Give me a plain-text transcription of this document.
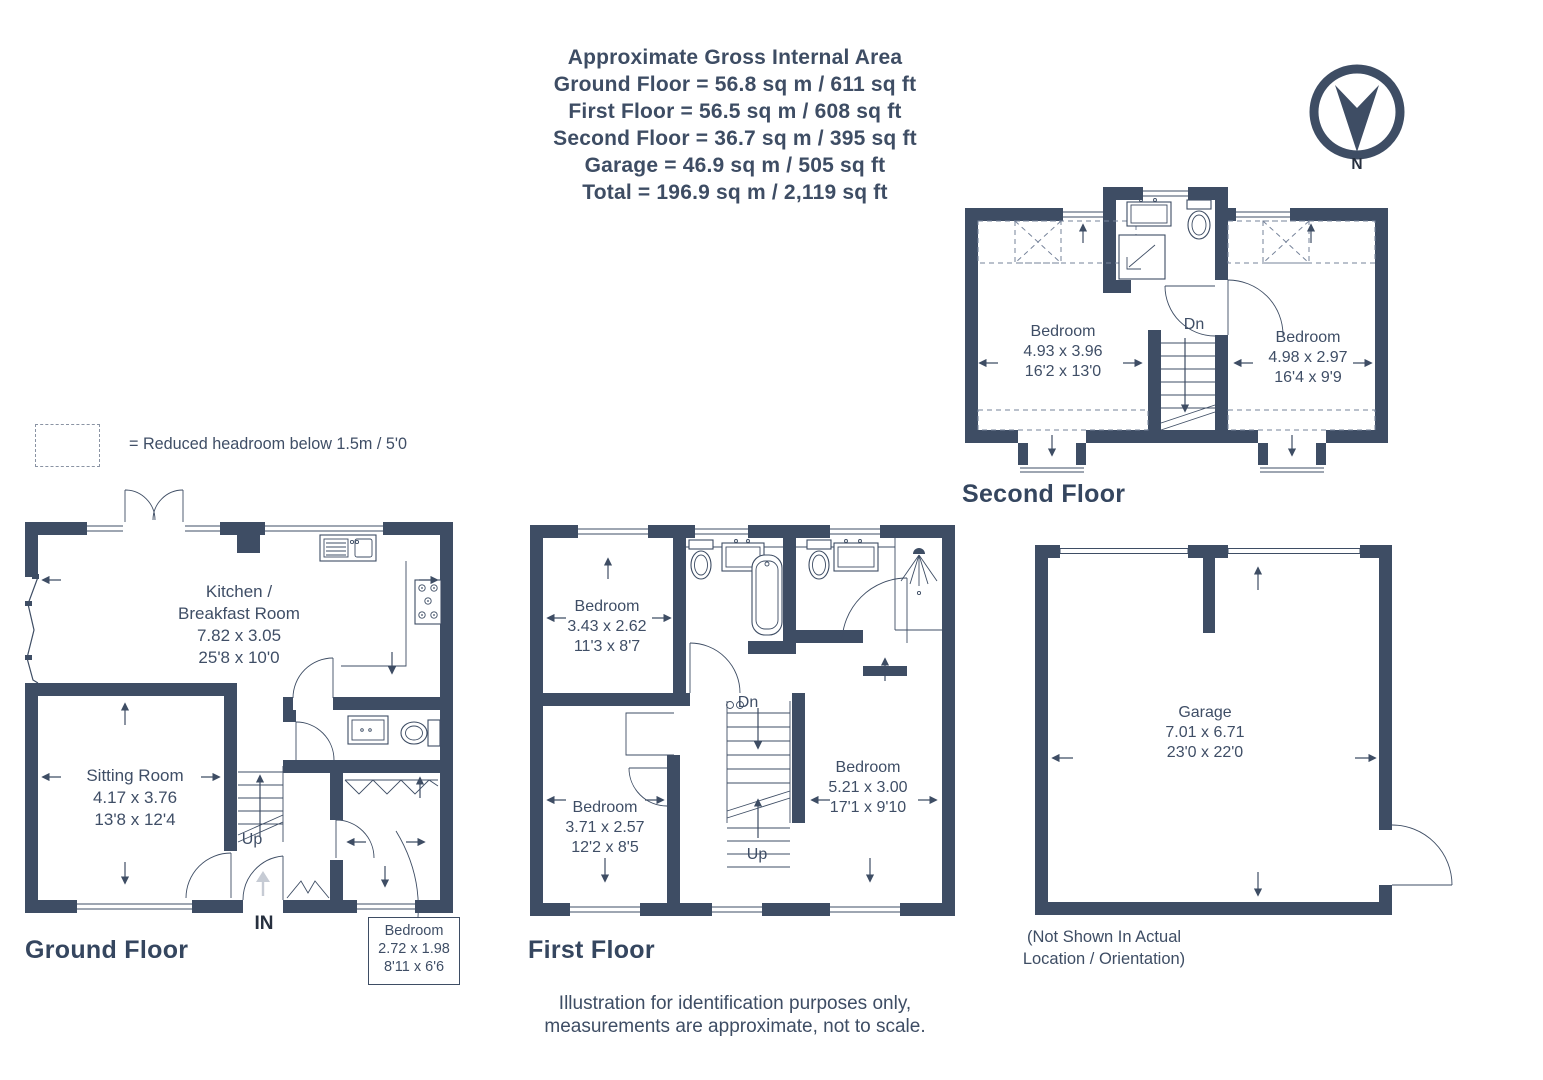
Approximate Gross Internal Area
Ground Floor = 56.8 sq m / 611 sq ft
First Floor = 56.5 sq m / 608 sq ft
Second Floor = 36.7 sq m / 395 sq ft
Garage = 46.9 sq m / 505 sq ft
Total = 196.9 sq m / 2,119 sq ft
N
= Reduced headroom below 1.5m / 5'0
Kitchen /
Breakfast Room
7.82 x 3.05
25'8 x 10'0
Sitting Room
4.17 x 3.76
13'8 x 12'4
Bedroom
2.72 x 1.98
8'11 x 6'6
Up
IN
Bedroom
3.43 x 2.62
11'3 x 8'7
Bedroom
3.71 x 2.57
12'2 x 8'5
Bedroom
5.21 x 3.00
17'1 x 9'10
Dn
Up
Bedroom
4.93 x 3.96
16'2 x 13'0
Bedroom
4.98 x 2.97
16'4 x 9'9
Dn
Garage
7.01 x 6.71
23'0 x 22'0
(Not Shown In Actual
Location / Orientation)
Ground Floor	First Floor
Second Floor
Illustration for identification purposes only,
measurements are approximate, not to scale.
